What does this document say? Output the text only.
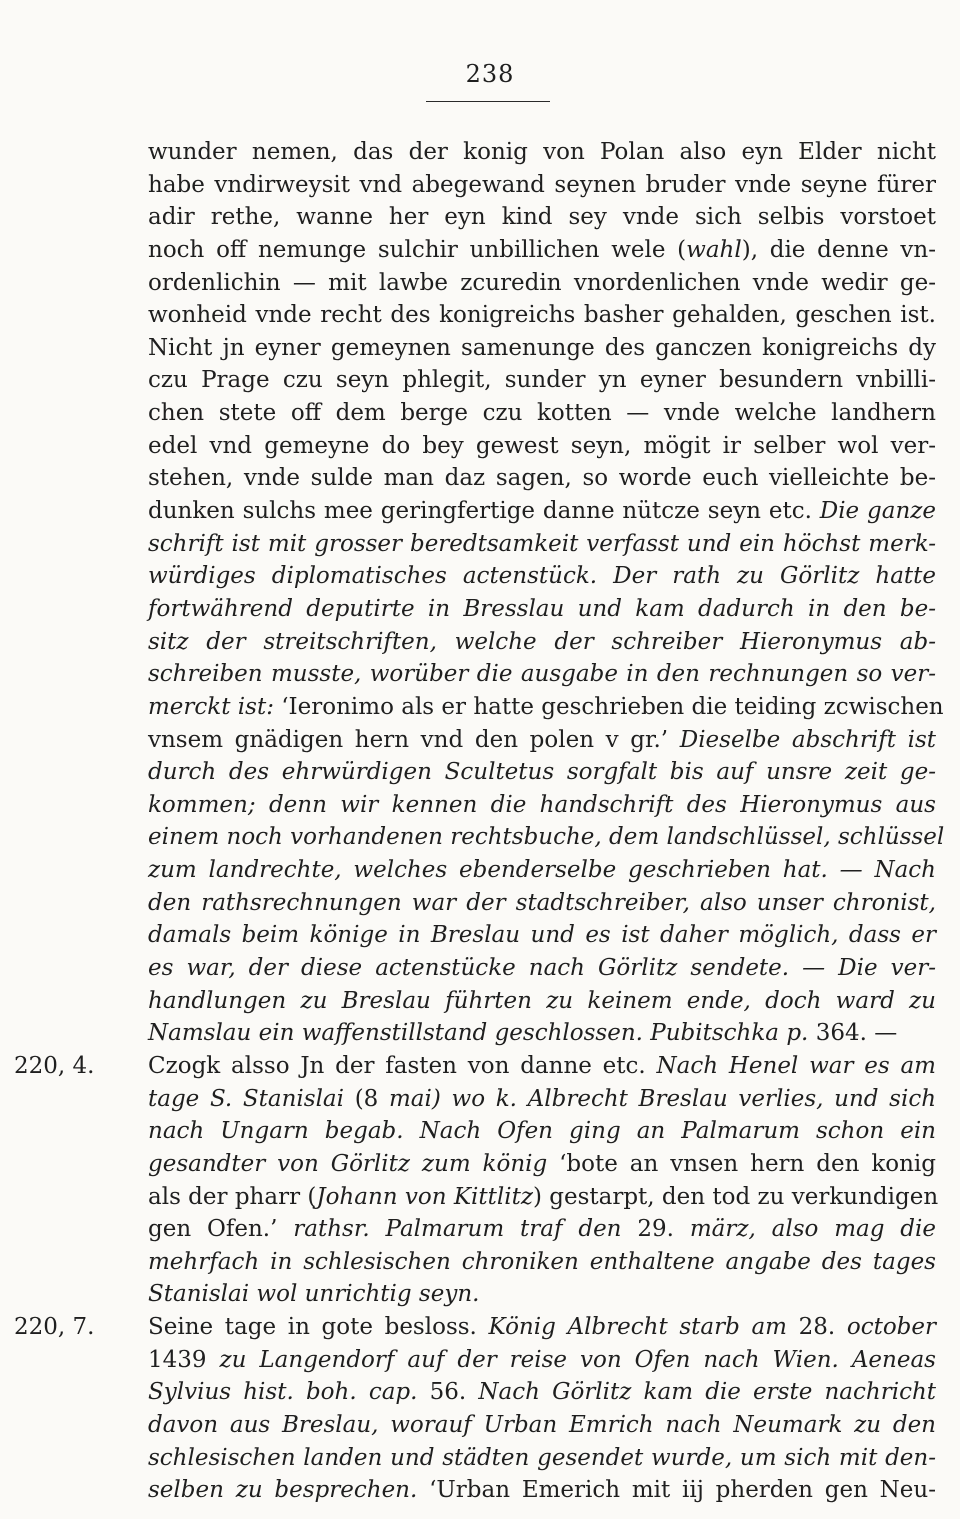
238
wunder nemen, das der konig von Polan also eyn Elder nicht
habe vndirweysit vnd abegewand seynen bruder vnde seyne fürer
adir rethe, wanne her eyn kind sey vnde sich selbis vorstoet
noch off nemunge sulchir unbillichen wele (wahl), die denne vn-
ordenlichin — mit lawbe zcuredin vnordenlichen vnde wedir ge-
wonheid vnde recht des konigreichs basher gehalden, geschen ist.
Nicht jn eyner gemeynen samenunge des ganczen konigreichs dy
czu Prage czu seyn phlegit, sunder yn eyner besundern vnbilli-
chen stete off dem berge czu kotten — vnde welche landhern
edel vnd gemeyne do bey gewest seyn, mögit ir selber wol ver-
stehen, vnde sulde man daz sagen, so worde euch vielleichte be-
dunken sulchs mee geringfertige danne nütcze seyn etc. Die ganze
schrift ist mit grosser beredtsamkeit verfasst und ein höchst merk-
würdiges diplomatisches actenstück. Der rath zu Görlitz hatte
fortwährend deputirte in Bresslau und kam dadurch in den be-
sitz der streitschriften, welche der schreiber Hieronymus ab-
schreiben musste, worüber die ausgabe in den rechnungen so ver-
merckt ist: ‘Ieronimo als er hatte geschrieben die teiding zcwischen
vnsem gnädigen hern vnd den polen v gr.’ Dieselbe abschrift ist
durch des ehrwürdigen Scultetus sorgfalt bis auf unsre zeit ge-
kommen; denn wir kennen die handschrift des Hieronymus aus
einem noch vorhandenen rechtsbuche, dem landschlüssel, schlüssel
zum landrechte, welches ebenderselbe geschrieben hat. — Nach
den rathsrechnungen war der stadtschreiber, also unser chronist,
damals beim könige in Breslau und es ist daher möglich, dass er
es war, der diese actenstücke nach Görlitz sendete. — Die ver-
handlungen zu Breslau führten zu keinem ende, doch ward zu
Namslau ein waffenstillstand geschlossen. Pubitschka p. 364. —
220, 4.	Czogk alsso Jn der fasten von danne etc. Nach Henel war es am
tage S. Stanislai (8 mai) wo k. Albrecht Breslau verlies, und sich
nach Ungarn begab. Nach Ofen ging an Palmarum schon ein
gesandter von Görlitz zum könig ‘bote an vnsen hern den konig
als der pharr (Johann von Kittlitz) gestarpt, den tod zu verkundigen
gen Ofen.’ rathsr. Palmarum traf den 29. märz, also mag die
mehrfach in schlesischen chroniken enthaltene angabe des tages
Stanislai wol unrichtig seyn.
220, 7.	Seine tage in gote besloss. König Albrecht starb am 28. october
1439 zu Langendorf auf der reise von Ofen nach Wien. Aeneas
Sylvius hist. boh. cap. 56. Nach Görlitz kam die erste nachricht
davon aus Breslau, worauf Urban Emrich nach Neumark zu den
schlesischen landen und städten gesendet wurde, um sich mit den-
selben zu besprechen. ‘Urban Emerich mit iij pherden gen Neu-
